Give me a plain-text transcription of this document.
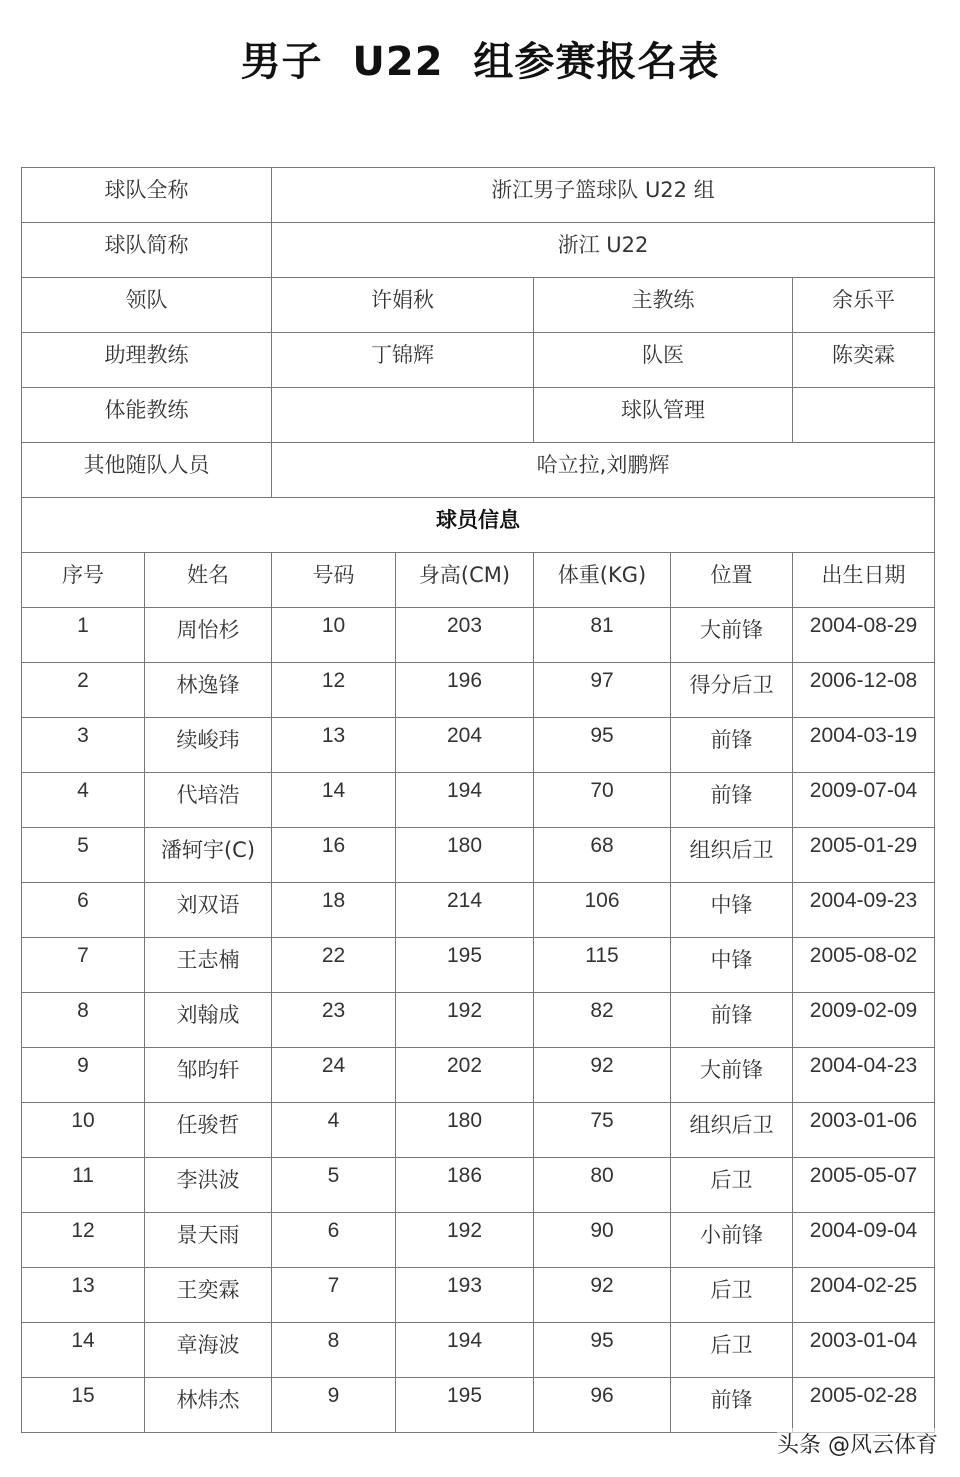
男子  U22  组参赛报名表
球队全称		浙江男子篮球队 U22 组				
球队简称		浙江 U22				
领队		许娟秋		主教练		余乐平
助理教练		丁锦辉		队医		陈奕霖
体能教练				球队管理		
其他随队人员		哈立拉,刘鹏辉				
球员信息						
序号	姓名	号码	身高(CM)	体重(KG)	位置	出生日期
1	周怡杉	10	203	81	大前锋	2004-08-29
2	林逸锋	12	196	97	得分后卫	2006-12-08
3	续峻玮	13	204	95	前锋	2004-03-19
4	代培浩	14	194	70	前锋	2009-07-04
5	潘轲宇(C)	16	180	68	组织后卫	2005-01-29
6	刘双语	18	214	106	中锋	2004-09-23
7	王志楠	22	195	115	中锋	2005-08-02
8	刘翰成	23	192	82	前锋	2009-02-09
9	邹昀轩	24	202	92	大前锋	2004-04-23
10	任骏哲	4	180	75	组织后卫	2003-01-06
11	李洪波	5	186	80	后卫	2005-05-07
12	景天雨	6	192	90	小前锋	2004-09-04
13	王奕霖	7	193	92	后卫	2004-02-25
14	章海波	8	194	95	后卫	2003-01-04
15	林炜杰	9	195	96	前锋	2005-02-28
头条 @风云体育
